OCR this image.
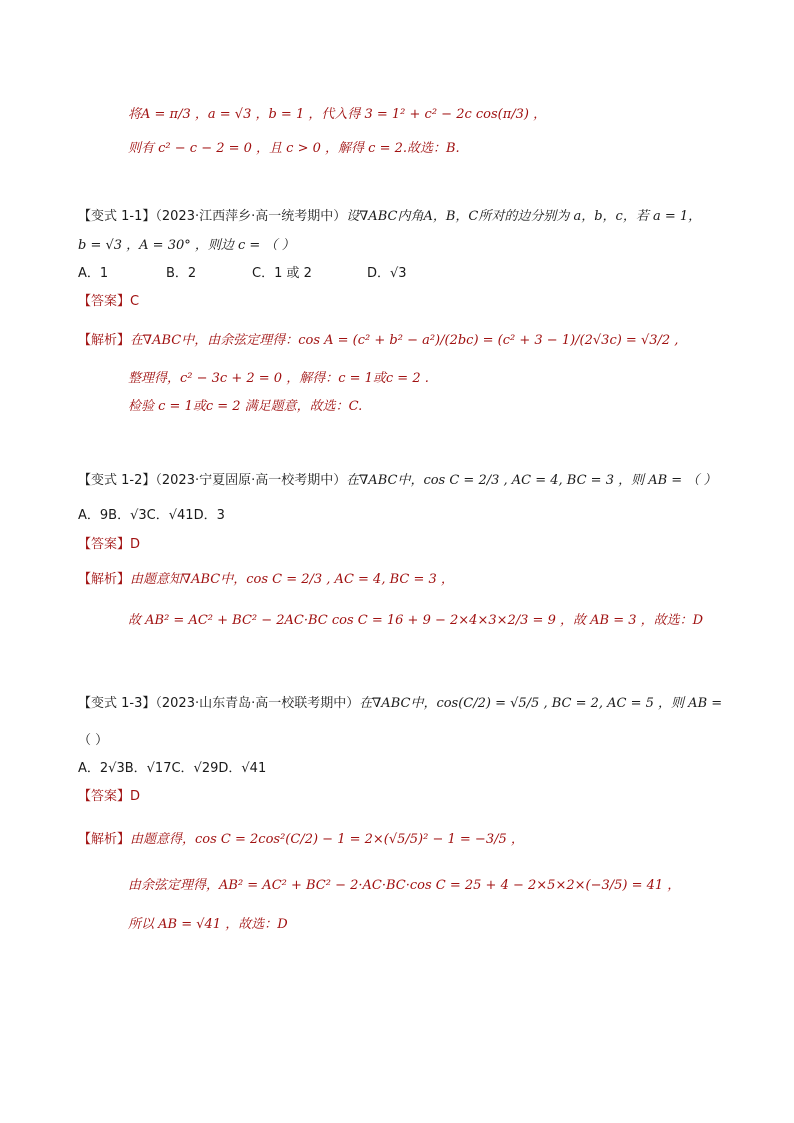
将A = π/3 ，a = √3 ，b = 1 ，代入得 3 = 1² + c² − 2c cos(π/3) ，
则有 c² − c − 2 = 0 ，且 c > 0 ，解得 c = 2.故选：B.
【变式 1-1】（2023·江西萍乡·高一统考期中）设∇ABC内角A，B，C所对的边分别为 a，b，c，若 a = 1，
b = √3 ，A = 30° ，则边 c = （ ）
A．1	B．2	C．1 或 2	D．√3
【答案】C
【解析】在∇ABC中，由余弦定理得：cos A = (c² + b² − a²)/(2bc) = (c² + 3 − 1)/(2√3c) = √3/2 ,
整理得，c² − 3c + 2 = 0 ，解得：c = 1或c = 2 .
检验 c = 1或c = 2 满足题意，故选：C.
【变式 1-2】（2023·宁夏固原·高一校考期中）在∇ABC中，cos C = 2/3 , AC = 4, BC = 3 ，则 AB = （ ）
A．9B．√3C．√41D．3
【答案】D
【解析】由题意知∇ABC中，cos C = 2/3 , AC = 4, BC = 3 ，
故 AB² = AC² + BC² − 2AC·BC cos C = 16 + 9 − 2×4×3×2/3 = 9 ，故 AB = 3 ，故选：D
【变式 1-3】（2023·山东青岛·高一校联考期中）在∇ABC中，cos(C/2) = √5/5 , BC = 2, AC = 5 ，则 AB =
（ ）
A．2√3B．√17C．√29D．√41
【答案】D
【解析】由题意得，cos C = 2cos²(C/2) − 1 = 2×(√5/5)² − 1 = −3/5 ，
由余弦定理得，AB² = AC² + BC² − 2·AC·BC·cos C = 25 + 4 − 2×5×2×(−3/5) = 41 ，
所以 AB = √41 ，故选：D
